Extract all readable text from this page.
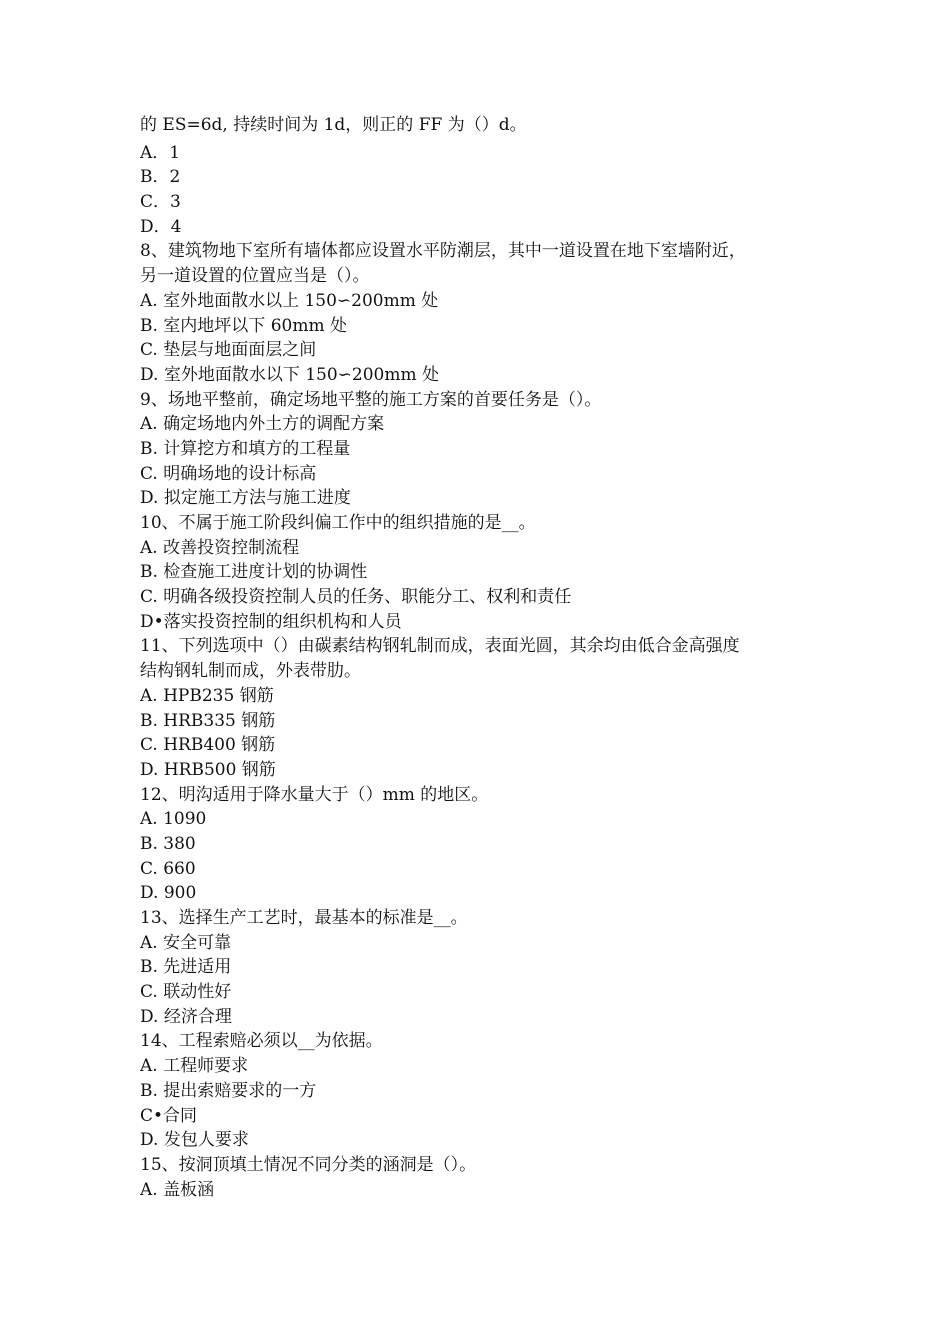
的 ES=6d, 持续时间为 1d，则正的 FF 为（）d。
A．1
B．2
C．3
D．4
8、建筑物地下室所有墙体都应设置水平防潮层，其中一道设置在地下室墙附近，
另一道设置的位置应当是（）。
A. 室外地面散水以上 150∽200mm 处
B. 室内地坪以下 60mm 处
C. 垫层与地面面层之间
D. 室外地面散水以下 150∽200mm 处
9、场地平整前，确定场地平整的施工方案的首要任务是（）。
A. 确定场地内外土方的调配方案
B. 计算挖方和填方的工程量
C. 明确场地的设计标高
D. 拟定施工方法与施工进度
10、不属于施工阶段纠偏工作中的组织措施的是__。
A. 改善投资控制流程
B. 检查施工进度计划的协调性
C. 明确各级投资控制人员的任务、职能分工、权利和责任
D•落实投资控制的组织机构和人员
11、下列选项中（）由碳素结构钢轧制而成，表面光圆，其余均由低合金高强度
结构钢轧制而成，外表带肋。
A. HPB235 钢筋
B. HRB335 钢筋
C. HRB400 钢筋
D. HRB500 钢筋
12、明沟适用于降水量大于（）mm 的地区。
A. 1090
B. 380
C. 660
D. 900
13、选择生产工艺时，最基本的标准是__。
A. 安全可靠
B. 先进适用
C. 联动性好
D. 经济合理
14、工程索赔必须以__为依据。
A. 工程师要求
B. 提出索赔要求的一方
C•合同
D. 发包人要求
15、按洞顶填土情况不同分类的涵洞是（）。
A. 盖板涵
